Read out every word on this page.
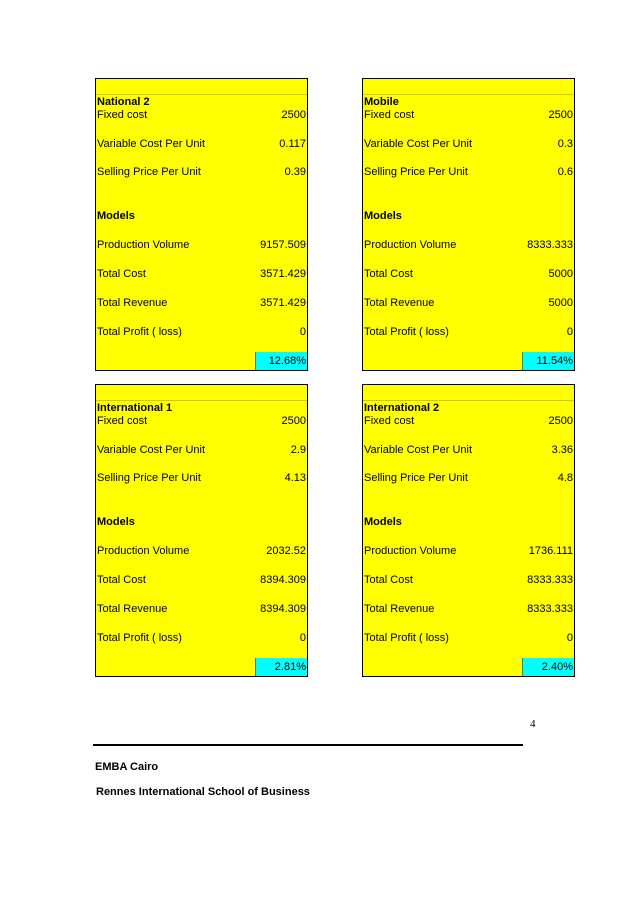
National 2
Fixed cost	2500
Variable Cost Per Unit	0.117
Selling Price Per Unit	0.39
Models
Production Volume	9157.509
Total Cost	3571.429
Total Revenue	3571.429
Total Profit ( loss)	0
12.68%
Mobile
Fixed cost	2500
Variable Cost Per Unit	0.3
Selling Price Per Unit	0.6
Models
Production Volume	8333.333
Total Cost	5000
Total Revenue	5000
Total Profit ( loss)	0
11.54%
International 1
Fixed cost	2500
Variable Cost Per Unit	2.9
Selling Price Per Unit	4.13
Models
Production Volume	2032.52
Total Cost	8394.309
Total Revenue	8394.309
Total Profit ( loss)	0
2.81%
International 2
Fixed cost	2500
Variable Cost Per Unit	3.36
Selling Price Per Unit	4.8
Models
Production Volume	1736.111
Total Cost	8333.333
Total Revenue	8333.333
Total Profit ( loss)	0
2.40%
4
EMBA Cairo
Rennes International School of Business
